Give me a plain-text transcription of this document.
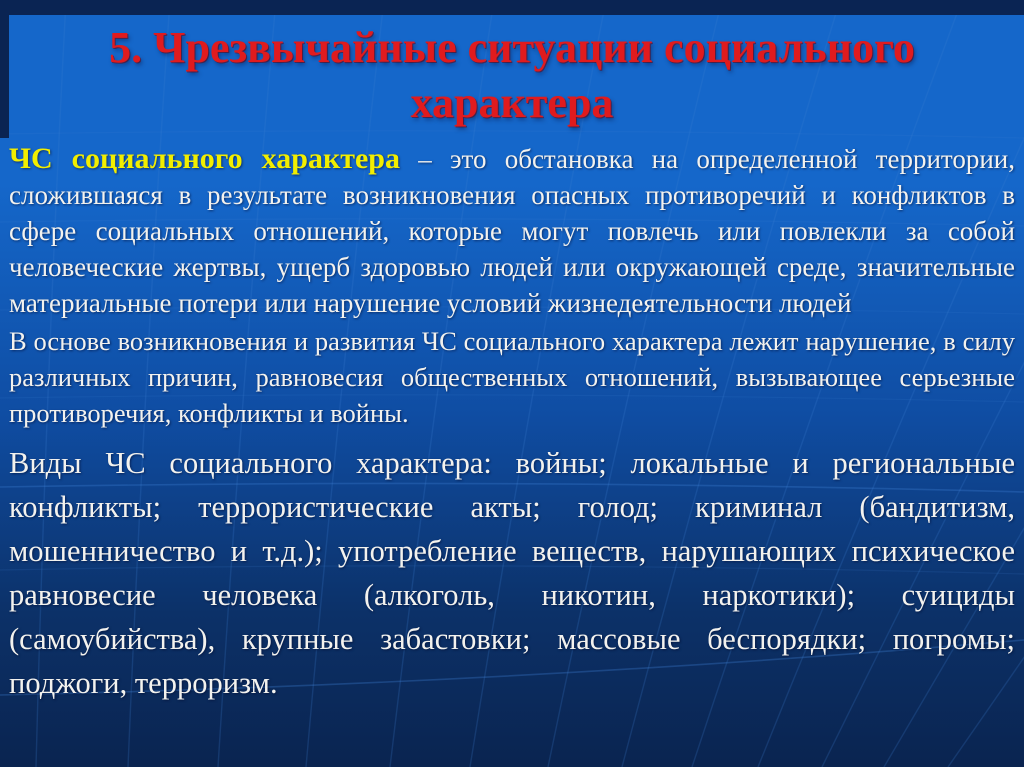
5. Чрезвычайные ситуации социального характера

ЧС социального характера – это обстановка на определенной территории, сложившаяся в результате возникновения опасных противоречий и конфликтов в сфере социальных отношений, которые могут повлечь или повлекли за собой человеческие жертвы, ущерб здоровью людей или окружающей среде, значительные материальные потери или нарушение условий жизнедеятельности людей

В основе возникновения и развития ЧС социального характера лежит нарушение, в силу различных причин, равновесия общественных отношений, вызывающее серьезные противоречия, конфликты и войны.

Виды ЧС социального характера: войны; локальные и региональные конфликты; террористические акты; голод; криминал (бандитизм, мошенничество и т.д.); употребление веществ, нарушающих психическое равновесие человека (алкоголь, никотин, наркотики); суициды (самоубийства), крупные забастовки; массовые беспорядки; погромы; поджоги, терроризм.
